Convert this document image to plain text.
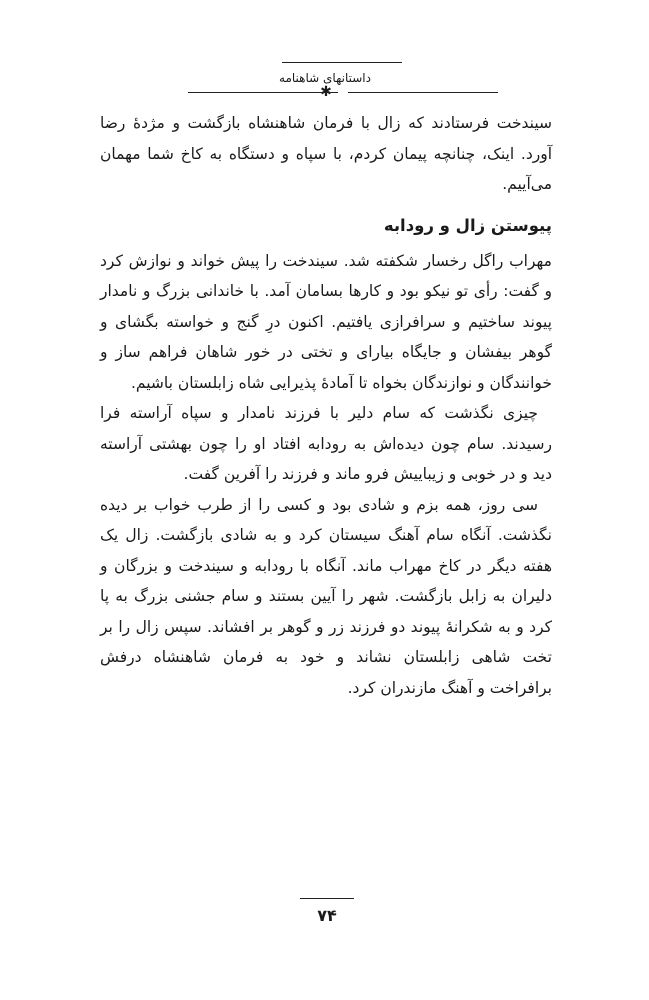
داستانهای شاهنامه
✱

سیندخت فرستادند که زال با فرمان شاهنشاه بازگشت و مژدهٔ رضا آورد. اینک، چنانچه پیمان کردم، با سپاه و دستگاه به کاخ شما مهمان می‌آییم.

پیوستن زال و رودابه

مهراب راگل رخسار شکفته شد. سیندخت را پیش خواند و نوازش کرد و گفت: رأی تو نیکو بود و کارها بسامان آمد. با خاندانی بزرگ و نامدار پیوند ساختیم و سرافرازی یافتیم. اکنون درِ گنج و خواسته بگشای و گوهر بیفشان و جایگاه بیارای و تختی در خور شاهان فراهم ساز و خوانندگان و نوازندگان بخواه تا آمادهٔ پذیرایی شاه زابلستان باشیم.

چیزی نگذشت که سام دلیر با فرزند نامدار و سپاه آراسته فرا رسیدند. سام چون دیده‌اش به رودابه افتاد او را چون بهشتی آراسته دید و در خوبی و زیباییش فرو ماند و فرزند را آفرین گفت.

سی روز، همه بزم و شادی بود و کسی را از طرب خواب بر دیده نگذشت. آنگاه سام آهنگ سیستان کرد و به شادی بازگشت. زال یک هفته دیگر در کاخ مهراب ماند. آنگاه با رودابه و سیندخت و بزرگان و دلیران به زابل بازگشت. شهر را آیین بستند و سام جشنی بزرگ به پا کرد و به شکرانهٔ پیوند دو فرزند زر و گوهر بر افشاند. سپس زال را بر تخت شاهی زابلستان نشاند و خود به فرمان شاهنشاه درفش برافراخت و آهنگ مازندران کرد.

۷۴
